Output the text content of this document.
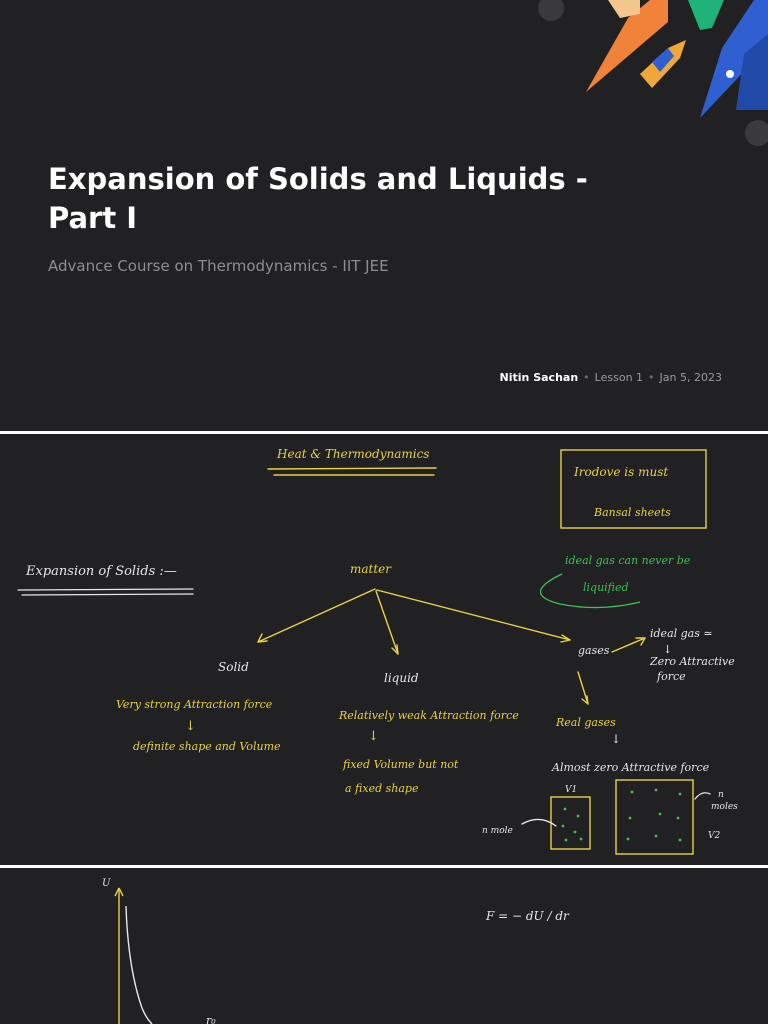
Expansion of Solids and Liquids - Part I
Advance Course on Thermodynamics - IIT JEE
Nitin Sachan • Lesson 1 • Jan 5, 2023
Heat & Thermodynamics
Irodove is must
Bansal sheets
Expansion of Solids :—	matter
ideal gas can never be
liquified
Solid
liquid
gases
ideal gas ≃
↓
Zero Attractive
force
Very strong Attraction force
↓
definite shape and Volume
Relatively weak Attraction force
↓
fixed Volume but not
a fixed shape
Real gases
↓
Almost zero Attractive force
V1
V2
n mole
n
moles
U
F = − dU / dr
r₀
